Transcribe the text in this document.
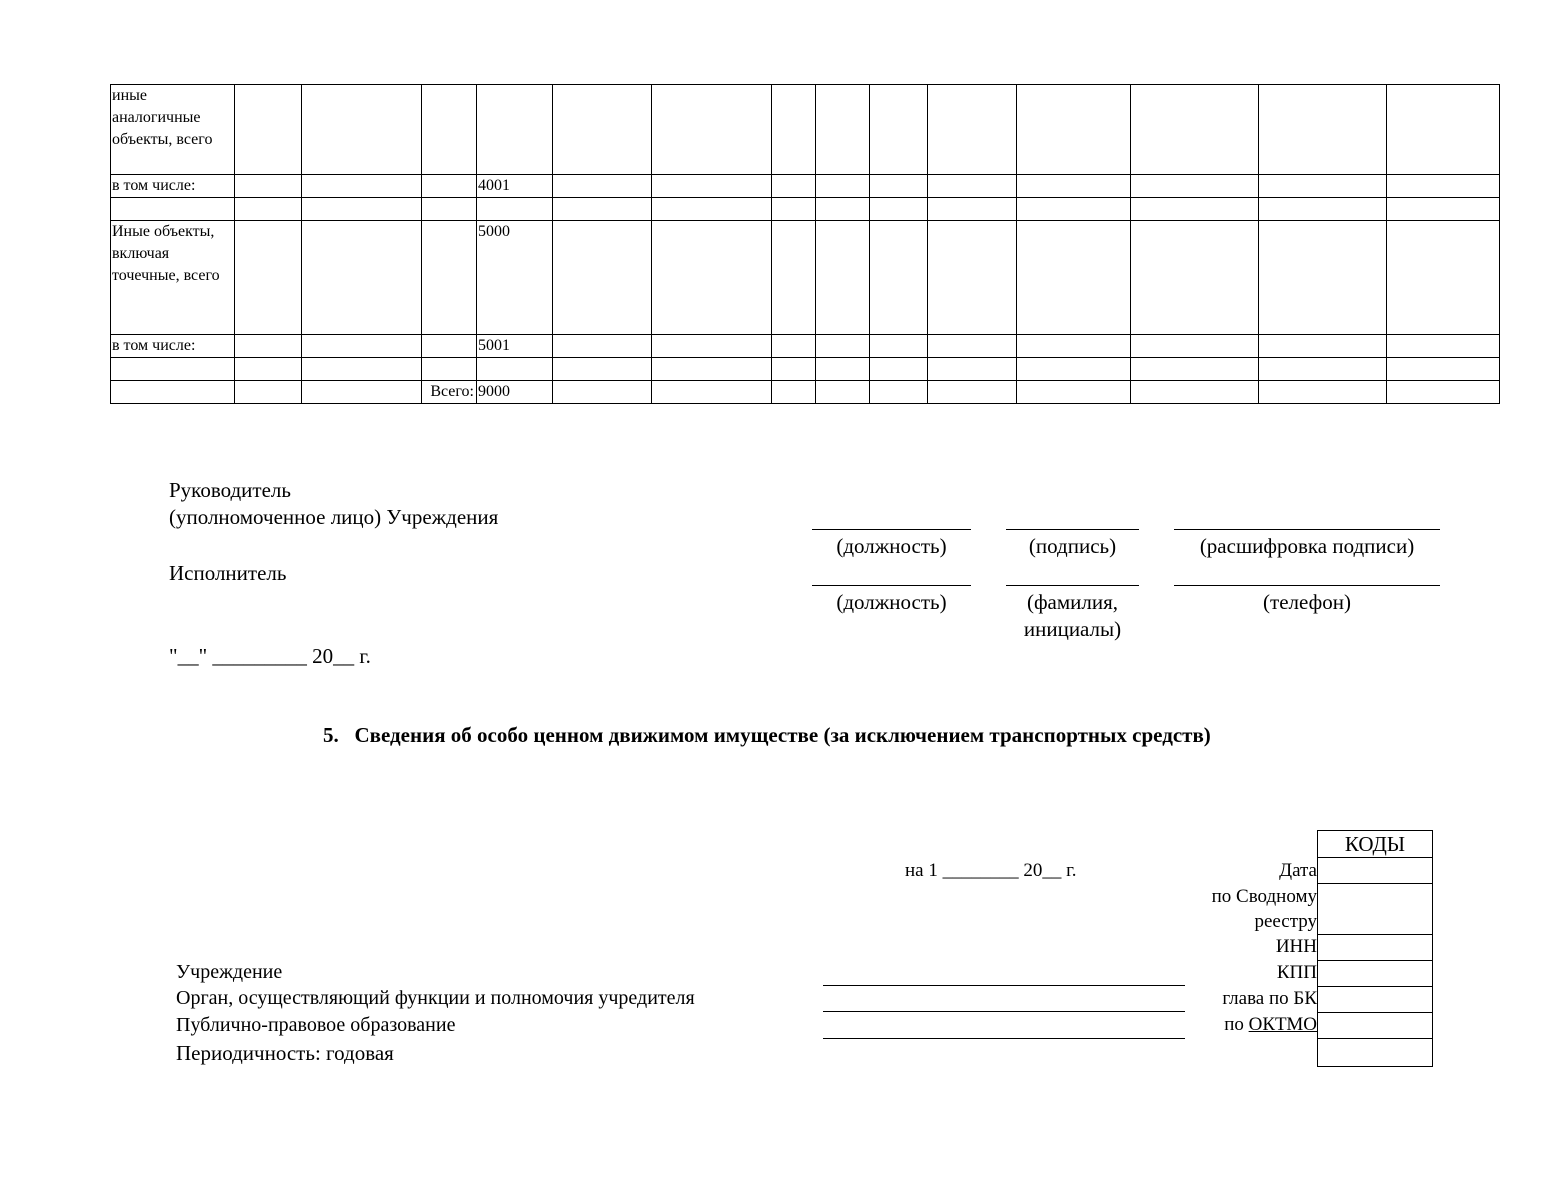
иные аналогичные объекты, всего														
в том числе:				4001										

Иные объекты, включая точечные, всего				5000										
в том числе:				5001										

			Всего:	9000										
Руководитель
(уполномоченное лицо) Учреждения
Исполнитель
(должность)	(подпись)	(расшифровка подписи)
(должность)	(фамилия, инициалы)
(телефон)
"__" _________ 20__ г.
5.   Сведения об особо ценном движимом имуществе (за исключением транспортных средств)
на 1 ________ 20__ г.
КОДЫ

Дата
по Сводному
реестру
ИНН
КПП
глава по БК
по ОКТМО
Учреждение
Орган, осуществляющий функции и полномочия учредителя
Публично-правовое образование
Периодичность: годовая
